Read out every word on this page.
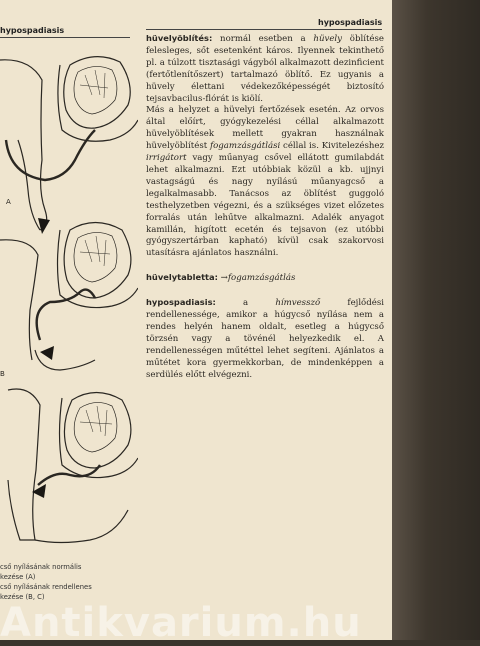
hypospadiasis
hypospadiasis
A
B
cső nyílásának normális
kezése (A)
cső nyílásának rendellenes
kezése (B, C)

hüvelyöblítés: normál esetben a hüvely öblítése felesleges, sőt esetenként káros. Ilyennek tekinthető pl. a túlzott tisztasági vágyból alkalmazott dezinficient (fertőtlenítőszert) tartalmazó öblítő. Ez ugyanis a hüvely élettani védekezőképességét biztosító tejsavbacilus-flórát is kiölí.

Más a helyzet a hüvelyi fertőzések esetén. Az orvos által előírt, gyógykezelési céllal alkalmazott hüvelyöblítések mellett gyakran használnak hüvelyöblítést fogamzásgátlási céllal is. Kivitelezéshez irrigátort vagy műanyag csővel ellátott gumilabdát lehet alkalmazni. Ezt utóbbiak közül a kb. ujjnyi vastagságú és nagy nyílású műanyagcső a legalkalmasabb. Tanácsos az öblítést guggoló testhelyzetben végezni, és a szükséges vizet előzetes forralás után lehűtve alkalmazni. Adalék anyagot kamillán, higított ecetén és tejsavon (ez utóbbi gyógyszertárban kapható) kívül csak szakorvosi utasításra ajánlatos használni.

hüvelytabletta: →fogamzásgátlás

hypospadiasis: a hímvessző fejlődési rendellenessége, amikor a húgycső nyílása nem a rendes helyén hanem oldalt, esetleg a húgycső törzsén vagy a tövénél helyezkedik el. A rendellenességen műtéttel lehet segíteni. Ajánlatos a műtétet kora gyermekkorban, de mindenképpen a serdülés előtt elvégezni.

Antikvarium.hu
